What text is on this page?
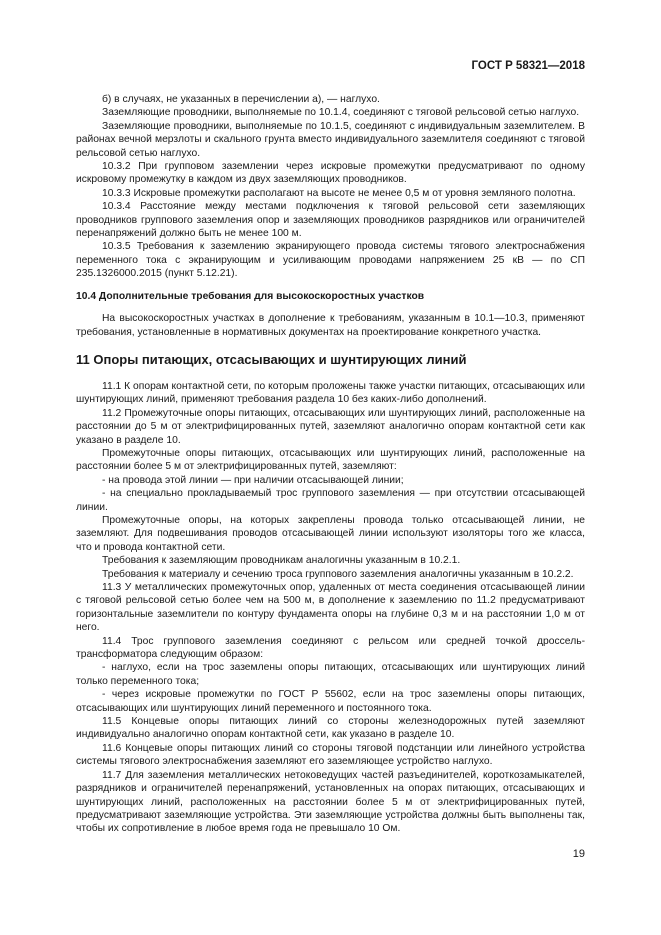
ГОСТ Р 58321—2018

б) в случаях, не указанных в перечислении а), — наглухо.

Заземляющие проводники, выполняемые по 10.1.4, соединяют с тяговой рельсовой сетью наглухо.

Заземляющие проводники, выполняемые по 10.1.5, соединяют с индивидуальным заземлителем. В районах вечной мерзлоты и скального грунта вместо индивидуального заземлителя соединяют с тяговой рельсовой сетью наглухо.

10.3.2 При групповом заземлении через искровые промежутки предусматривают по одному искровому промежутку в каждом из двух заземляющих проводников.

10.3.3 Искровые промежутки располагают на высоте не менее 0,5 м от уровня земляного полотна.

10.3.4 Расстояние между местами подключения к тяговой рельсовой сети заземляющих проводников группового заземления опор и заземляющих проводников разрядников или ограничителей перенапряжений должно быть не менее 100 м.

10.3.5 Требования к заземлению экранирующего провода системы тягового электроснабжения переменного тока с экранирующим и усиливающим проводами напряжением 25 кВ — по СП 235.1326000.2015 (пункт 5.12.21).

10.4 Дополнительные требования для высокоскоростных участков

На высокоскоростных участках в дополнение к требованиям, указанным в 10.1—10.3, применяют требования, установленные в нормативных документах на проектирование конкретного участка.

11 Опоры питающих, отсасывающих и шунтирующих линий

11.1 К опорам контактной сети, по которым проложены также участки питающих, отсасывающих или шунтирующих линий, применяют требования раздела 10 без каких-либо дополнений.

11.2 Промежуточные опоры питающих, отсасывающих или шунтирующих линий, расположенные на расстоянии до 5 м от электрифицированных путей, заземляют аналогично опорам контактной сети как указано в разделе 10.

Промежуточные опоры питающих, отсасывающих или шунтирующих линий, расположенные на расстоянии более 5 м от электрифицированных путей, заземляют:

- на провода этой линии — при наличии отсасывающей линии;

- на специально прокладываемый трос группового заземления — при отсутствии отсасывающей линии.

Промежуточные опоры, на которых закреплены провода только отсасывающей линии, не заземляют. Для подвешивания проводов отсасывающей линии используют изоляторы того же класса, что и провода контактной сети.

Требования к заземляющим проводникам аналогичны указанным в 10.2.1.

Требования к материалу и сечению троса группового заземления аналогичны указанным в 10.2.2.

11.3 У металлических промежуточных опор, удаленных от места соединения отсасывающей линии с тяговой рельсовой сетью более чем на 500 м, в дополнение к заземлению по 11.2 предусматривают горизонтальные заземлители по контуру фундамента опоры на глубине 0,3 м и на расстоянии 1,0 м от него.

11.4 Трос группового заземления соединяют с рельсом или средней точкой дроссель-трансформатора следующим образом:

- наглухо, если на трос заземлены опоры питающих, отсасывающих или шунтирующих линий только переменного тока;

- через искровые промежутки по ГОСТ Р 55602, если на трос заземлены опоры питающих, отсасывающих или шунтирующих линий переменного и постоянного тока.

11.5 Концевые опоры питающих линий со стороны железнодорожных путей заземляют индивидуально аналогично опорам контактной сети, как указано в разделе 10.

11.6 Концевые опоры питающих линий со стороны тяговой подстанции или линейного устройства системы тягового электроснабжения заземляют его заземляющее устройство наглухо.

11.7 Для заземления металлических нетоковедущих частей разъединителей, короткозамыкателей, разрядников и ограничителей перенапряжений, установленных на опорах питающих, отсасывающих и шунтирующих линий, расположенных на расстоянии более 5 м от электрифицированных путей, предусматривают заземляющие устройства. Эти заземляющие устройства должны быть выполнены так, чтобы их сопротивление в любое время года не превышало 10 Ом.

19
